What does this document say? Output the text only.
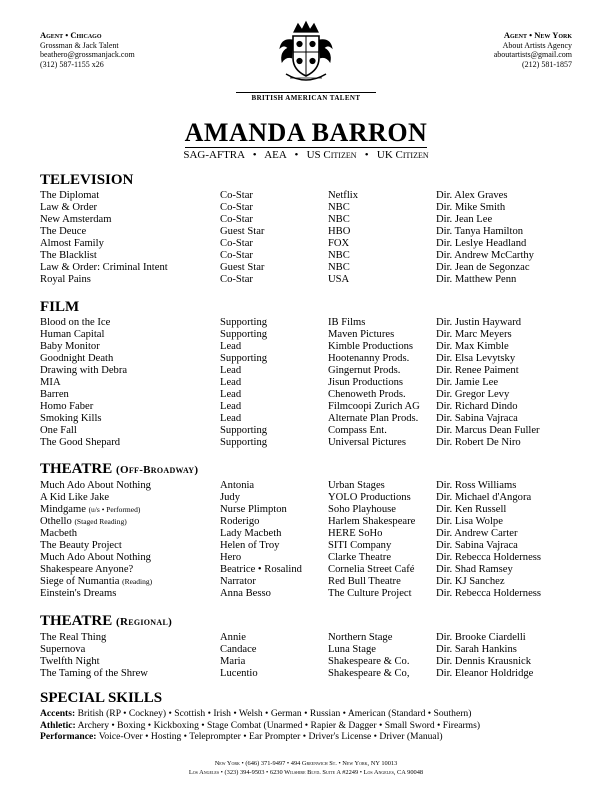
Agent • Chicago
Grossman & Jack Talent
beathero@grossmanjack.com
(312) 587-1155 x26
Agent • New York
About Artists Agency
aboutartists@gmail.com
(212) 581-1857
BRITISH AMERICAN TALENT
AMANDA BARRON
SAG-AFTRA   •   AEA   •   US Citizen   •   UK Citizen
TELEVISION
The Diplomat	Co-Star	Netflix	Dir. Alex Graves
Law & Order	Co-Star	NBC	Dir. Mike Smith
New Amsterdam	Co-Star	NBC	Dir. Jean Lee
The Deuce	Guest Star	HBO	Dir. Tanya Hamilton
Almost Family	Co-Star	FOX	Dir. Leslye Headland
The Blacklist	Co-Star	NBC	Dir. Andrew McCarthy
Law & Order: Criminal Intent	Guest Star	NBC	Dir. Jean de Segonzac
Royal Pains	Co-Star	USA	Dir. Matthew Penn
FILM
Blood on the Ice	Supporting	IB Films	Dir. Justin Hayward
Human Capital	Supporting	Maven Pictures	Dir. Marc Meyers
Baby Monitor	Lead	Kimble Productions	Dir. Max Kimble
Goodnight Death	Supporting	Hootenanny Prods.	Dir. Elsa Levytsky
Drawing with Debra	Lead	Gingernut Prods.	Dir. Renee Paiment
MIA	Lead	Jisun Productions	Dir. Jamie Lee
Barren	Lead	Chenoweth Prods.	Dir. Gregor Levy
Homo Faber	Lead	Filmcoopi Zurich AG	Dir. Richard Dindo
Smoking Kills	Lead	Alternate Plan Prods.	Dir. Sabina Vajraca
One Fall	Supporting	Compass Ent.	Dir. Marcus Dean Fuller
The Good Shepard	Supporting	Universal Pictures	Dir. Robert De Niro
THEATRE (Off-Broadway)
Much Ado About Nothing	Antonia	Urban Stages	Dir. Ross Williams
A Kid Like Jake	Judy	YOLO Productions	Dir. Michael d'Angora
Mindgame (u/s • Performed)	Nurse Plimpton	Soho Playhouse	Dir. Ken Russell
Othello (Staged Reading)	Roderigo	Harlem Shakespeare	Dir. Lisa Wolpe
Macbeth	Lady Macbeth	HERE SoHo	Dir. Andrew Carter
The Beauty Project	Helen of Troy	SITI Company	Dir. Sabina Vajraca
Much Ado About Nothing	Hero	Clarke Theatre	Dir. Rebecca Holderness
Shakespeare Anyone?	Beatrice • Rosalind	Cornelia Street Café	Dir. Shad Ramsey
Siege of Numantia (Reading)	Narrator	Red Bull Theatre	Dir. KJ Sanchez
Einstein's Dreams	Anna Besso	The Culture Project	Dir. Rebecca Holderness
THEATRE (Regional)
The Real Thing	Annie	Northern Stage	Dir. Brooke Ciardelli
Supernova	Candace	Luna Stage	Dir. Sarah Hankins
Twelfth Night	Maria	Shakespeare & Co.	Dir. Dennis Krausnick
The Taming of the Shrew	Lucentio	Shakespeare & Co,	Dir. Eleanor Holdridge
SPECIAL SKILLS
Accents: British (RP • Cockney) • Scottish • Irish • Welsh • German • Russian • American (Standard • Southern)
Athletic: Archery • Boxing • Kickboxing • Stage Combat (Unarmed • Rapier & Dagger • Small Sword • Firearms)
Performance: Voice-Over • Hosting • Teleprompter • Ear Prompter • Driver's License • Driver (Manual)
New York • (646) 371-9497 • 494 Greenwich St. • New York, NY 10013
Los Angeles • (323) 394-9503 • 6230 Wilshire Blvd. Suite A #2249 • Los Angeles, CA 90048
